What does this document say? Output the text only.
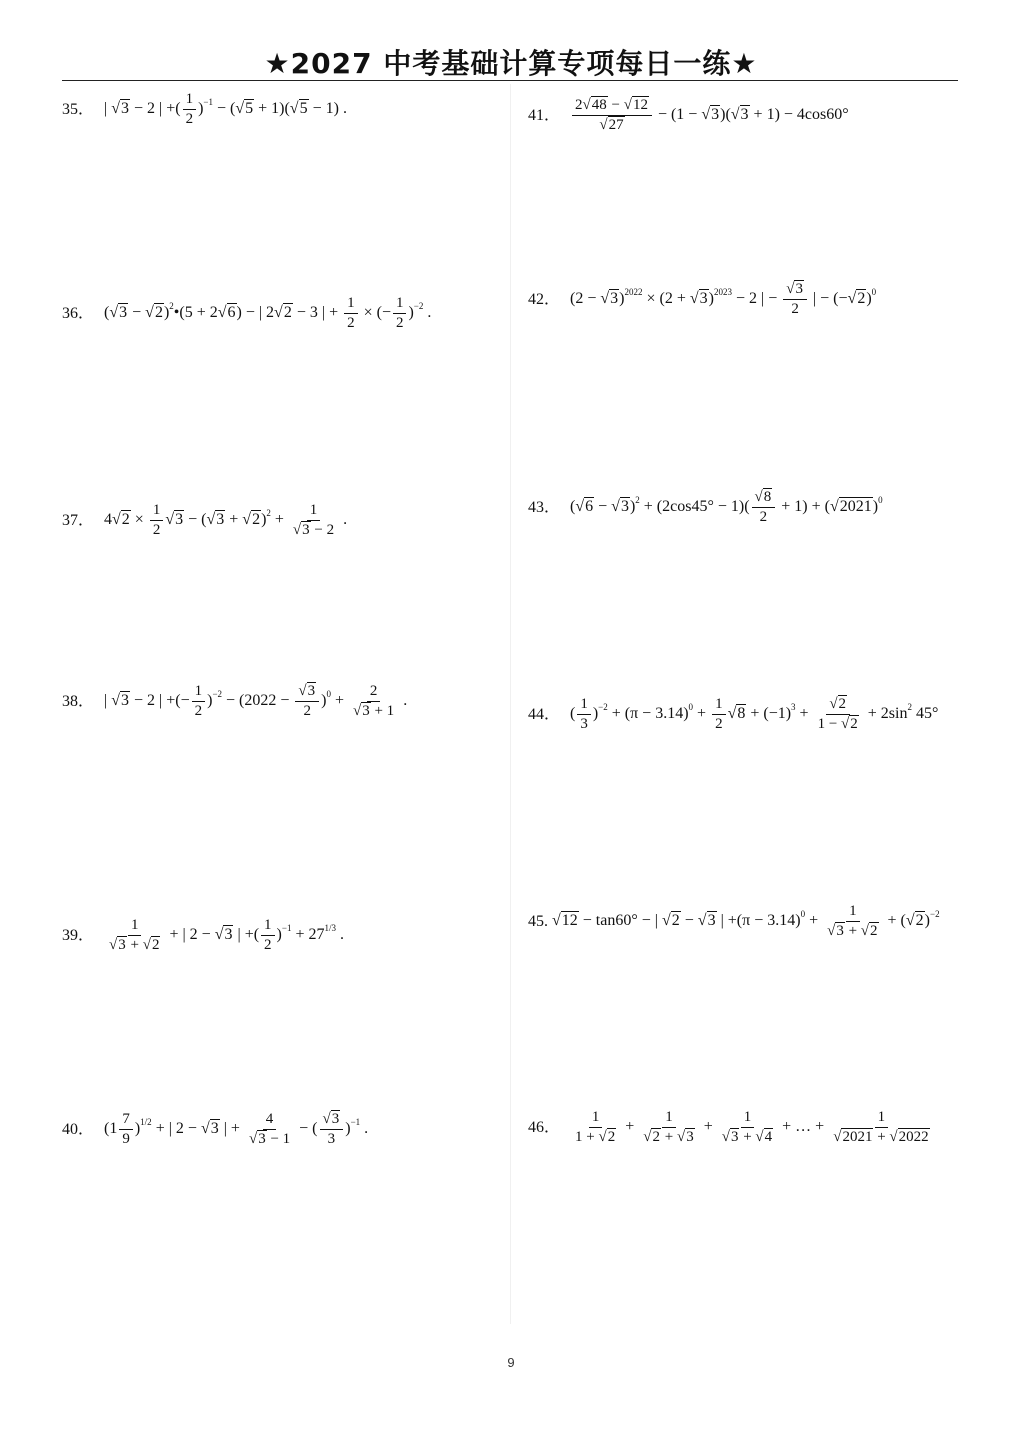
★2027 中考基础计算专项每日一练★
35． | √3 − 2 | +( $\frac{1}{2} )^{-1} - (√5 + 1)(√5 - 1)$ .
36． $(√3 - √2)^2•(5 + 2√6)$ − | 2√2 − 3 | + $\frac{1}{2}$ × (− $\frac{1}{2} )^{-2}$ .
37． $4√2 \times \frac{1}{2} √3 - (√3 + √2)^2 + \frac{1}{√3 - 2}$ .
38． | √3 − 2 | +(− $\frac{1}{2} )^{-2} - (2022 - \frac{√3}{2} )^0 + \frac{2}{√3 + 1}$ .
39． $\frac{1}{√3 + √2}$ + | 2 − √3 | +( $\frac{1}{2} )^{-1} + 27^{1/3}$ .
40． $(1 \frac{7}{9} )^{1/2}$ + | 2 − √3 | + $\frac{4}{√3 - 1}$ − ( $\frac{√3}{3} )^{-1}$ .
41． $\frac{2√48 - √12}{√27} - (1 - √3)(√3 + 1) - 4\cos 60^\circ$
42． $(2 - √3)^{2022} \times (2 + √3)^{2023} - 2$ | − $\frac{√3}{2}$ | − $(-√2)^0$
43． $(√6 - √3)^2 + (2\cos 45^\circ - 1)( \frac{√8}{2} + 1) + (√2021)^0$
44． ( $\frac{1}{3} )^{-2} + (\pi - 3.14)^0 + \frac{1}{2} √8 + (-1)^3 + \frac{√2}{1 - √2} + 2\sin^2$ 45°
45. √12 − tan60° − | √2 − √3 | $+(\pi - 3.14)^0 + \frac{1}{√3 + √2} + (√2)^{-2}$
46． $\frac{1}{1 + √2} + \frac{1}{√2 + √3} + \frac{1}{√3 + √4}$ + … + $\frac{1}{√2021 + √2022}$
9
